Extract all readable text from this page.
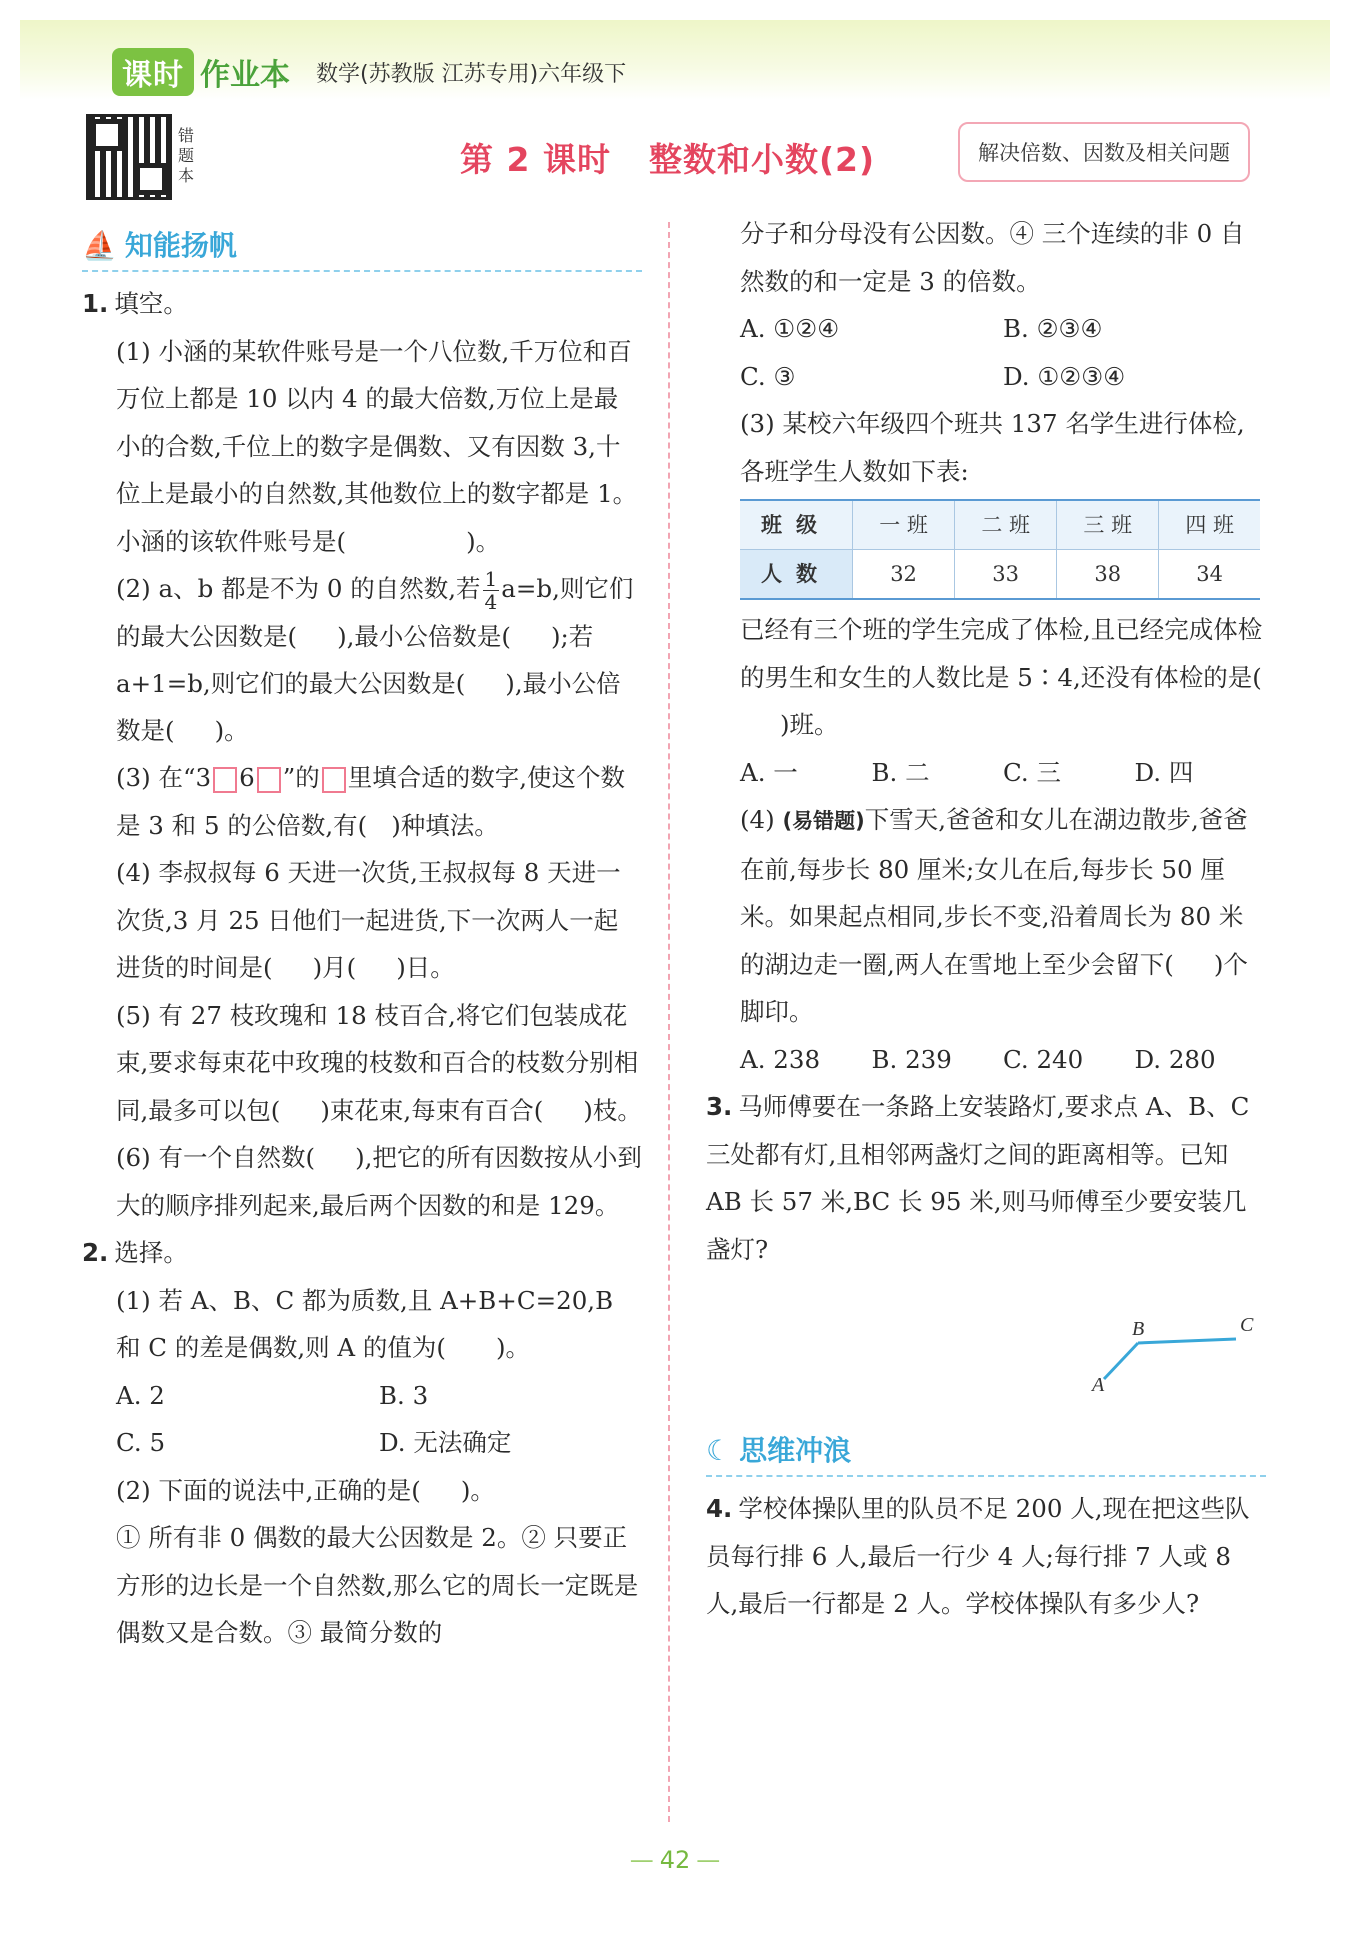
课时 作业本 数学(苏教版 江苏专用)六年级下
错题本	第 2 课时 整数和小数(2)	解决倍数、因数及相关问题
⛵ 知能扬帆

1. 填空。

(1) 小涵的某软件账号是一个八位数,千万位和百万位上都是 10 以内 4 的最大倍数,万位上是最小的合数,千位上的数字是偶数、又有因数 3,十位上是最小的自然数,其他数位上的数字都是 1。小涵的该软件账号是(	)。

(2) a、b 都是不为 0 的自然数,若 $\frac{1}{4} a=b$,则它们的最大公因数是( ),最小公倍数是( );若 a+1=b,则它们的最大公因数是( ),最小公倍数是( )。

(3) 在“3 6 ”的 里填合适的数字,使这个数是 3 和 5 的公倍数,有( )种填法。

(4) 李叔叔每 6 天进一次货,王叔叔每 8 天进一次货,3 月 25 日他们一起进货,下一次两人一起进货的时间是( )月( )日。

(5) 有 27 枝玫瑰和 18 枝百合,将它们包装成花束,要求每束花中玫瑰的枝数和百合的枝数分别相同,最多可以包( )束花束,每束有百合( )枝。

(6) 有一个自然数( ),把它的所有因数按从小到大的顺序排列起来,最后两个因数的和是 129。

2. 选择。

(1) 若 A、B、C 都为质数,且 A+B+C=20,B 和 C 的差是偶数,则 A 的值为( )。

A. 2	B. 3
C. 5	D. 无法确定

(2) 下面的说法中,正确的是( )。

① 所有非 0 偶数的最大公因数是 2。② 只要正方形的边长是一个自然数,那么它的周长一定既是偶数又是合数。③ 最简分数的

分子和分母没有公因数。④ 三个连续的非 0 自然数的和一定是 3 的倍数。

A. ①②④	B. ②③④
C. ③	D. ①②③④

(3) 某校六年级四个班共 137 名学生进行体检,各班学生人数如下表:

班级	一 班	二 班	三 班	四 班
人数	32	33	38	34

已经有三个班的学生完成了体检,且已经完成体检的男生和女生的人数比是 5∶4,还没有体检的是()班。

A. 一	B. 二	C. 三	D. 四

(4) (易错题)下雪天,爸爸和女儿在湖边散步,爸爸在前,每步长 80 厘米;女儿在后,每步长 50 厘米。如果起点相同,步长不变,沿着周长为 80 米的湖边走一圈,两人在雪地上至少会留下( )个脚印。

A. 238	B. 239	C. 240	D. 280

3. 马师傅要在一条路上安装路灯,要求点 A、B、C 三处都有灯,且相邻两盏灯之间的距离相等。已知 AB 长 57 米,BC 长 95 米,则马师傅至少要安装几盏灯?

A
B	C
☾ 思维冲浪

4. 学校体操队里的队员不足 200 人,现在把这些队员每行排 6 人,最后一行少 4 人;每行排 7 人或 8 人,最后一行都是 2 人。学校体操队有多少人?

— 42 —
